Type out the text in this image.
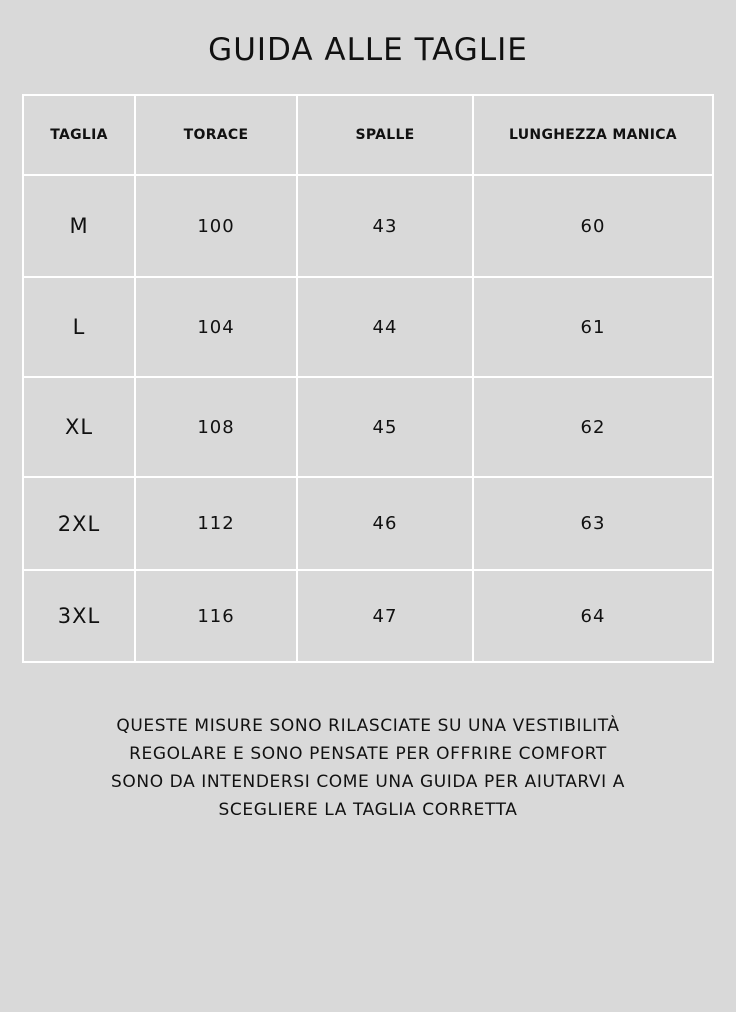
GUIDA ALLE TAGLIE
TAGLIA	TORACE	SPALLE	LUNGHEZZA MANICA
M	100	43	60
L	104	44	61
XL	108	45	62
2XL	112	46	63
3XL	116	47	64
QUESTE MISURE SONO RILASCIATE SU UNA VESTIBILITÀ
REGOLARE E SONO PENSATE PER OFFRIRE COMFORT
SONO DA INTENDERSI COME UNA GUIDA PER AIUTARVI A
SCEGLIERE LA TAGLIA CORRETTA
